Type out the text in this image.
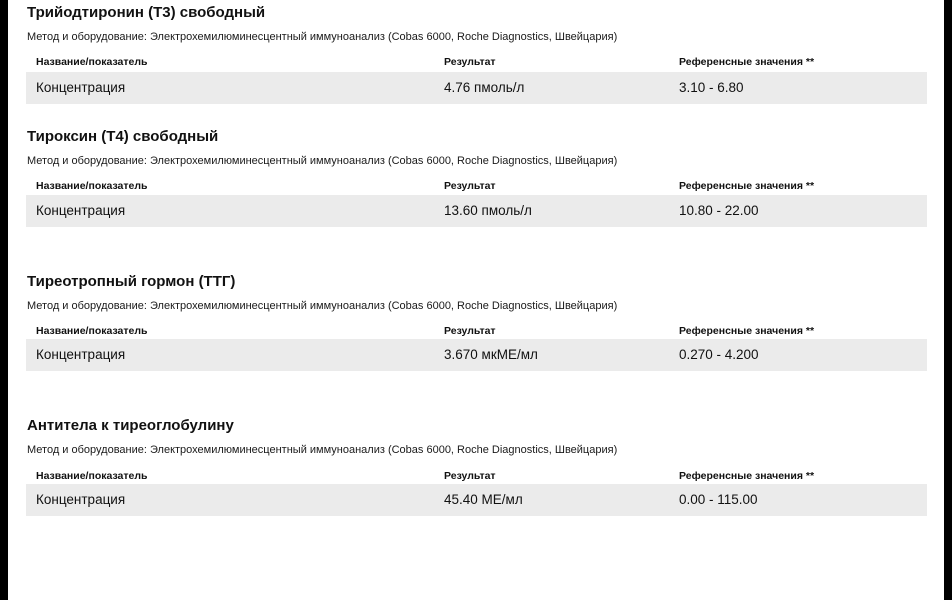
Трийодтиронин (Т3) свободный
Метод и оборудование: Электрохемилюминесцентный иммуноанализ (Cobas 6000, Roche Diagnostics, Швейцария)
Название/показатель	Результат	Референсные значения **
Концентрация	4.76 пмоль/л	3.10 - 6.80
Тироксин (Т4) свободный
Метод и оборудование: Электрохемилюминесцентный иммуноанализ (Cobas 6000, Roche Diagnostics, Швейцария)
Название/показатель	Результат	Референсные значения **
Концентрация	13.60 пмоль/л	10.80 - 22.00
Тиреотропный гормон (ТТГ)
Метод и оборудование: Электрохемилюминесцентный иммуноанализ (Cobas 6000, Roche Diagnostics, Швейцария)
Название/показатель	Результат	Референсные значения **
Концентрация	3.670 мкМЕ/мл	0.270 - 4.200
Антитела к тиреоглобулину
Метод и оборудование: Электрохемилюминесцентный иммуноанализ (Cobas 6000, Roche Diagnostics, Швейцария)
Название/показатель	Результат	Референсные значения **
Концентрация	45.40 МЕ/мл	0.00 - 115.00
